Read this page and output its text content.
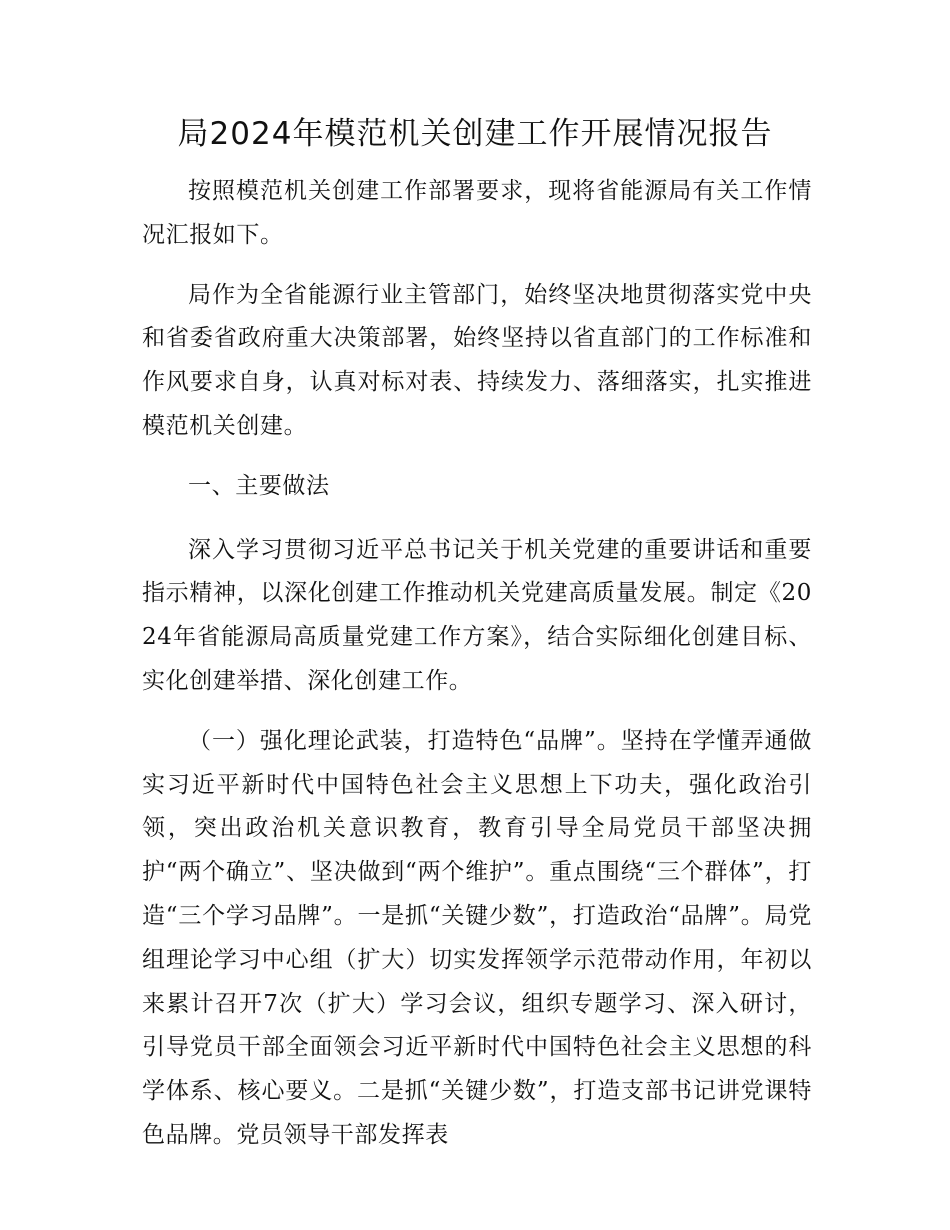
局2024年模范机关创建工作开展情况报告

按照模范机关创建工作部署要求，现将省能源局有关工作情况汇报如下。

局作为全省能源行业主管部门，始终坚决地贯彻落实党中央和省委省政府重大决策部署，始终坚持以省直部门的工作标准和作风要求自身，认真对标对表、持续发力、落细落实，扎实推进模范机关创建。

一、主要做法

深入学习贯彻习近平总书记关于机关党建的重要讲话和重要指示精神，以深化创建工作推动机关党建高质量发展。制定《2024年省能源局高质量党建工作方案》，结合实际细化创建目标、实化创建举措、深化创建工作。

（一）强化理论武装，打造特色“品牌”。坚持在学懂弄通做实习近平新时代中国特色社会主义思想上下功夫，强化政治引领，突出政治机关意识教育，教育引导全局党员干部坚决拥护“两个确立”、坚决做到“两个维护”。重点围绕“三个群体”，打造“三个学习品牌”。一是抓“关键少数”，打造政治“品牌”。局党组理论学习中心组（扩大）切实发挥领学示范带动作用，年初以来累计召开7次（扩大）学习会议，组织专题学习、深入研讨，引导党员干部全面领会习近平新时代中国特色社会主义思想的科学体系、核心要义。二是抓“关键少数”，打造支部书记讲党课特色品牌。党员领导干部发挥表
